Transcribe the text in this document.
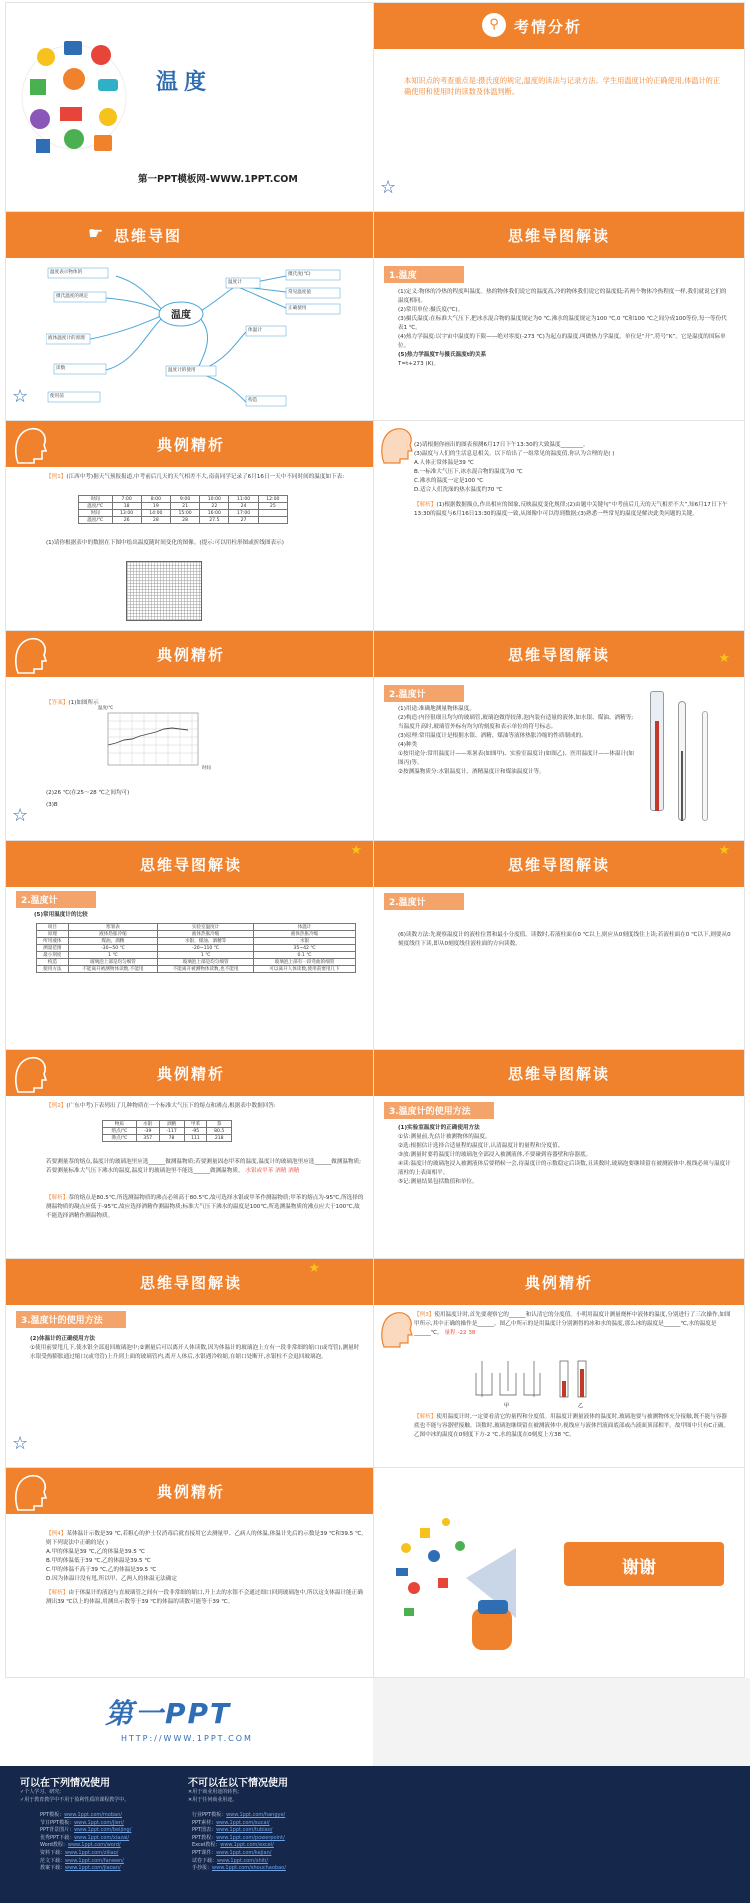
温度
第一PPT模板网-WWW.1PPT.COM
⚲	考情分析
本知识点的考查重点是:摄氏度的规定,温度的读法与记录方法。学生用温度计的正确使用,体温计的正确使用和使用时的读数及体温判断。
☆
☛ 思维导图
温度
温度表示物体的
摄氏温度的规定
液体温度计的原理
读数
使用前
温度计
温度计的使用
摄氏度(℃)
常见温度值
正确使用
体温计
构造
☆
思维导图解读
1.温度
(1)定义:物体的冷热的程度叫温度。热的物体我们说它的温度高,冷的物体我们说它的温度低;若两个物体冷热程度一样,我们就说它们的温度相同。
(2)常用单位:摄氏度(℃)。
(3)摄氏温度:在标准大气压下,把冰水混合物的温度规定为0 ℃,沸水的温度规定为100 ℃,0 ℃和100 ℃之间分成100等份,每一等份代表1 ℃。
(4)热力学温度:以宇宙中温度的下限——绝对零度(-273 ℃)为起点的温度,叫做热力学温度。单位是“开”,符号“K”。它是温度的国际单位。
(5)热力学温度T与摄氏温度t的关系
T=t+273 (K)。
典例精析
【例1】(江西中考)据天气预报报道,中考前后几天的天气相差不大,南南同学记录了6月16日一天中不同时间的温度如下表:
时间	7:00	8:00	9:00	10:00	11:00	12:00
温度/℃	18	19	21	22	24	25
时间	13:00	14:00	15:00	16:00	17:00	
温度/℃	26	28	28	27.5	27	
(1)请你根据表中的数据在下图中绘出温度随时间变化的图像。(提示:可以用柱形图或折线图表示)
(2)请根据你画出的图表预测6月17日下午13:30的大致温度________。
(3)温度与人们的生活息息相关。以下给出了一组常见的温度值,你认为合理的是( )
A.人体正常体温是39 ℃
B.一标准大气压下,冰水混合物的温度为0 ℃
C.沸水的温度一定是100 ℃
D.适合人们洗澡的热水温度约70 ℃
【解析】(1)根据数据描点,作出相应的图象,反映温度变化规律;(2)由题中关键句“中考前后几天的天气相差不大”,知6月17日下午13:30的温度与6月16日13:30的温度一致,从图像中可以得到数据;(3)熟悉一些常见的温度是解决此类问题的关键。
典例精析
【答案】(1)如图所示
温度/℃
时间
(2)26 ℃(在25～28 ℃之间均可)
(3)B
☆
思维导图解读	★
2.温度计
(1)用途:准确地测量物体温度。
(2)构造:内径很细且均匀的玻璃管,玻璃泡做得较薄,泡内装有适量的液体,如水银、煤油、酒精等;当温度升高时,玻璃管外标有均匀的刻度和表示单位的符号标志。
(3)原理:常用温度计是根据水银、酒精、煤油等液体热胀冷缩的性质制成的。
(4)种类
①按用途分:常用温度计——寒暑表(如图甲)、实验室温度计(如图乙)、医用温度计——体温计(如图丙)等。
②按测温物质分:水银温度计、酒精温度计和煤油温度计等。
思维导图解读
★
2.温度计
(5)常用温度计的比较
项目	寒暑表	实验室温度计	体温计
原理	液体热胀冷缩	液体热胀冷缩	液体热胀冷缩
所用液体	煤油、酒精	水银、煤油、酒精等	水银
测量范围	-30~50 ℃	-20~110 ℃	35~42 ℃
最小刻度	1 ℃	1 ℃	0.1 ℃
构造	玻璃泡上部是均匀细管	玻璃泡上部是均匀细管	玻璃泡上部有一段弯曲的细管
使用方法	不能离开被测物体读数,不能甩	不能离开被测物体读数,也不能甩	可以离开人体读数,使用前要甩几下
思维导图解读
★
2.温度计
(6)读数方法:先观察温度计的液柱位置和最小分度值。读数时,若液柱面在0 ℃以上,则应从0刻度线往上读;若液柱面在0 ℃以下,则要从0刻度线往下读,即从0刻度线往液柱面的方向读数。
典例精析
【例2】(广东中考)下表列出了几种物质在一个标准大气压下的熔点和沸点,根据表中数据回答:
物质	水银	酒精	甲苯	萘
熔点/℃	-39	-117	-95	80.5
沸点/℃	357	78	111	218
若要测量萘的熔点,温度计的玻璃泡里应选______做测温物质;若要测量固态甲苯的温度,温度计的玻璃泡里应选______做测温物质;若要测量标准大气压下沸水的温度,温度计的玻璃泡里不能选______做测温物质。 水银或甲苯 酒精 酒精
【解析】萘的熔点是80.5℃,所选测温物质的沸点必须高于80.5℃,故可选择水银或甲苯作测温物质;甲苯的熔点为-95℃,所选择的测温物质的凝点应低于-95℃,故应选择酒精作测温物质;标准大气压下沸水的温度是100℃,所选测温物质的沸点应大于100℃,故不能选择酒精作测温物质。
思维导图解读
3.温度计的使用方法
(1)实验室温度计的正确使用方法
①估:测量前,先估计被测物体的温度。
②选:根据估计选择合适量程的温度计,认清温度计的量程和分度值。
③放:测量时要将温度计的玻璃泡全部浸入被测液体,不要碰到容器壁和容器底。
④读:温度计的玻璃泡浸入被测液体后要稍候一会,待温度计的示数稳定后读数,且读数时,玻璃泡要继续留在被测液体中,视线必须与温度计液柱的上表面相平。
⑤记:测量结果包括数值和单位。
思维导图解读
★
3.温度计的使用方法
(2)体温计的正确使用方法
①使用前要甩几下,使水银全部退回玻璃泡中;②测量后可以离开人体读数,因为体温计的玻璃泡上方有一段非常细的缩口(或弯管),测量时水银受热膨胀通过缩口(或弯管)上升到上面的玻璃管内,离开人体后,水银遇冷收缩,在缩口处断开,水银柱不会退回玻璃泡。
☆
典例精析
【例3】使用温度计时,首先要观察它的______和认清它的分度值。小明用温度计测量烧杯中液体的温度,分别进行了三次操作,如图甲所示,其中正确的操作是______。图乙中所示的是用温度计分别测得的冰和水的温度,那么冰的温度是______℃,水的温度是______℃。 量程 -22 38
甲	乙
【解析】使用温度计时,一定要看清它的量程和分度值。用温度计测量液体的温度时,玻璃泡要与被测物体充分接触,既不能与容器底也不能与容器壁接触。读数时,玻璃泡继续留在被测液体中,视线应与液体凹液面底部或凸液面顶部相平。故甲图中只有C正确。乙图中冰的温度在0刻度下方-2 ℃,水的温度在0刻度上方38 ℃。
典例精析
【例4】某体温计示数是39 ℃,若粗心的护士仅消毒后就直接用它去测量甲、乙病人的体温,体温计先后的示数是39 ℃和39.5 ℃,则下列说法中正确的是( )
A.甲的体温是39 ℃,乙的体温是39.5 ℃
B.甲的体温低于39 ℃,乙的体温是39.5 ℃
C.甲的体温不高于39 ℃,乙的体温是39.5 ℃
D.因为体温计没有甩,所以甲、乙两人的体温无法确定
【解析】由于体温计的液泡与直玻璃管之间有一段非常细的缩口,升上去的水银不会通过细口回到玻璃泡中,所以这支体温计能正确测出39 ℃以上的体温,用测出示数等于39 ℃的体温的读数可能等于39 ℃。
谢谢
第一PPT
HTTP://WWW.1PPT.COM
可以在下列情况使用
✓个人学习、研究;
✓用于教育教学中不用于盈利性质的课程教学中。
不可以在以下情况使用
✕用于商业用途的转售;
✕用于任何商业用途。
PPT模板：www.1ppt.com/moban/
节日PPT模板：www.1ppt.com/jieri/
PPT背景图片：www.1ppt.com/beijing/
优秀PPT下载：www.1ppt.com/xiazai/
Word教程：www.1ppt.com/word/
资料下载：www.1ppt.com/ziliao/
范文下载：www.1ppt.com/fanwen/
教案下载：www.1ppt.com/jiaoan/
行业PPT模板：www.1ppt.com/hangye/
PPT素材：www.1ppt.com/sucai/
PPT图表：www.1ppt.com/tubiao/
PPT教程：www.1ppt.com/powerpoint/
Excel教程：www.1ppt.com/excel/
PPT课件：www.1ppt.com/kejian/
试卷下载：www.1ppt.com/shiti/
手抄报：www.1ppt.com/shouchaobao/
